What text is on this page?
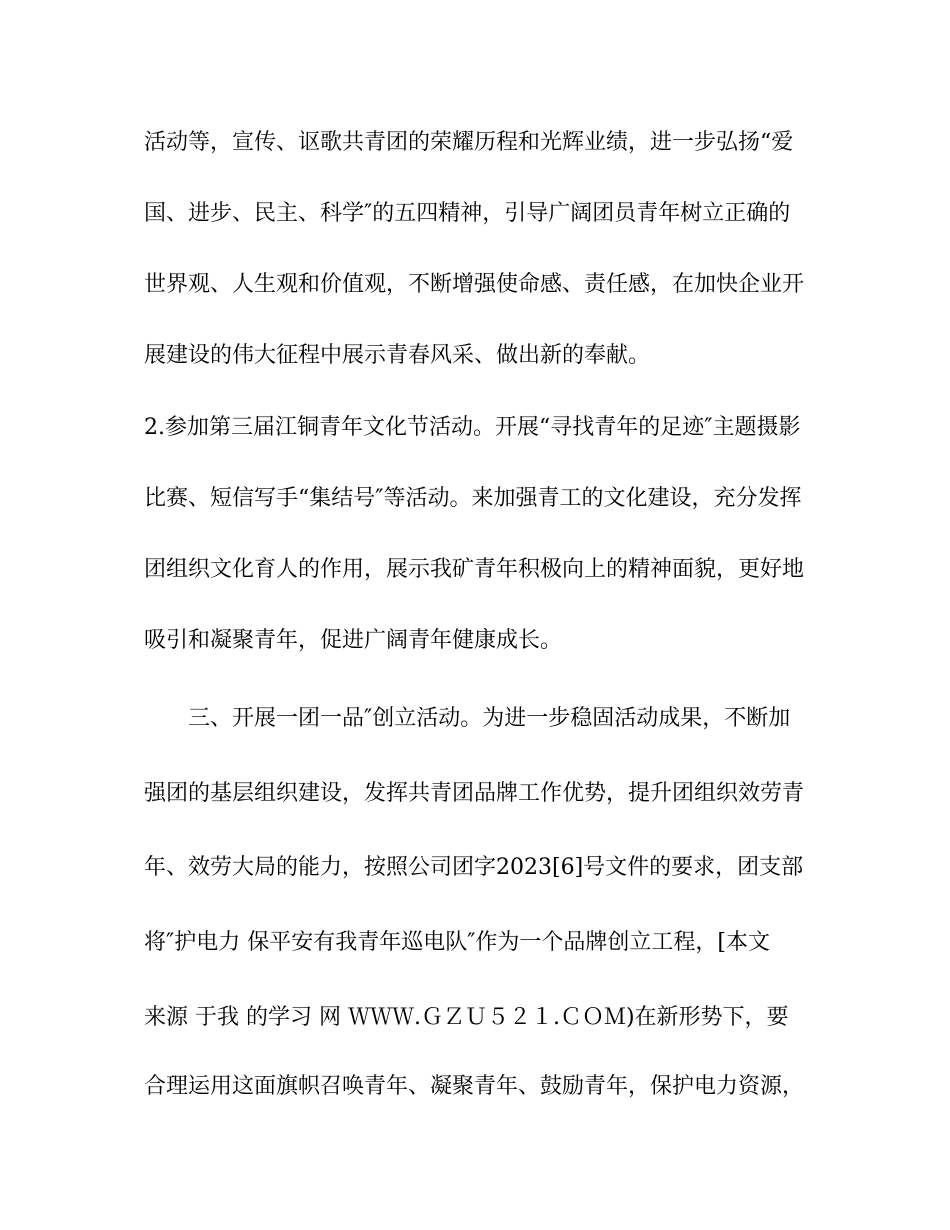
活动等，宣传、讴歌共青团的荣耀历程和光辉业绩，进一步弘扬“爱
国、进步、民主、科学″的五四精神，引导广阔团员青年树立正确的
世界观、人生观和价值观，不断增强使命感、责任感，在加快企业开
展建设的伟大征程中展示青春风采、做出新的奉献。
2.参加第三届江铜青年文化节活动。开展“寻找青年的足迹″主题摄影
比赛、短信写手“集结号″等活动。来加强青工的文化建设，充分发挥
团组织文化育人的作用，展示我矿青年积极向上的精神面貌，更好地
吸引和凝聚青年，促进广阔青年健康成长。
三、开展一团一品″创立活动。为进一步稳固活动成果，不断加
强团的基层组织建设，发挥共青团品牌工作优势，提升团组织效劳青
年、效劳大局的能力，按照公司团字2023[6]号文件的要求，团支部
将″护电力 保平安有我青年巡电队″作为一个品牌创立工程，[本文
来源 于我 的学习 网 ＷＷＷ.ＧＺＵ５２１.ＣＯＭ)在新形势下，要
合理运用这面旗帜召唤青年、凝聚青年、鼓励青年，保护电力资源，
